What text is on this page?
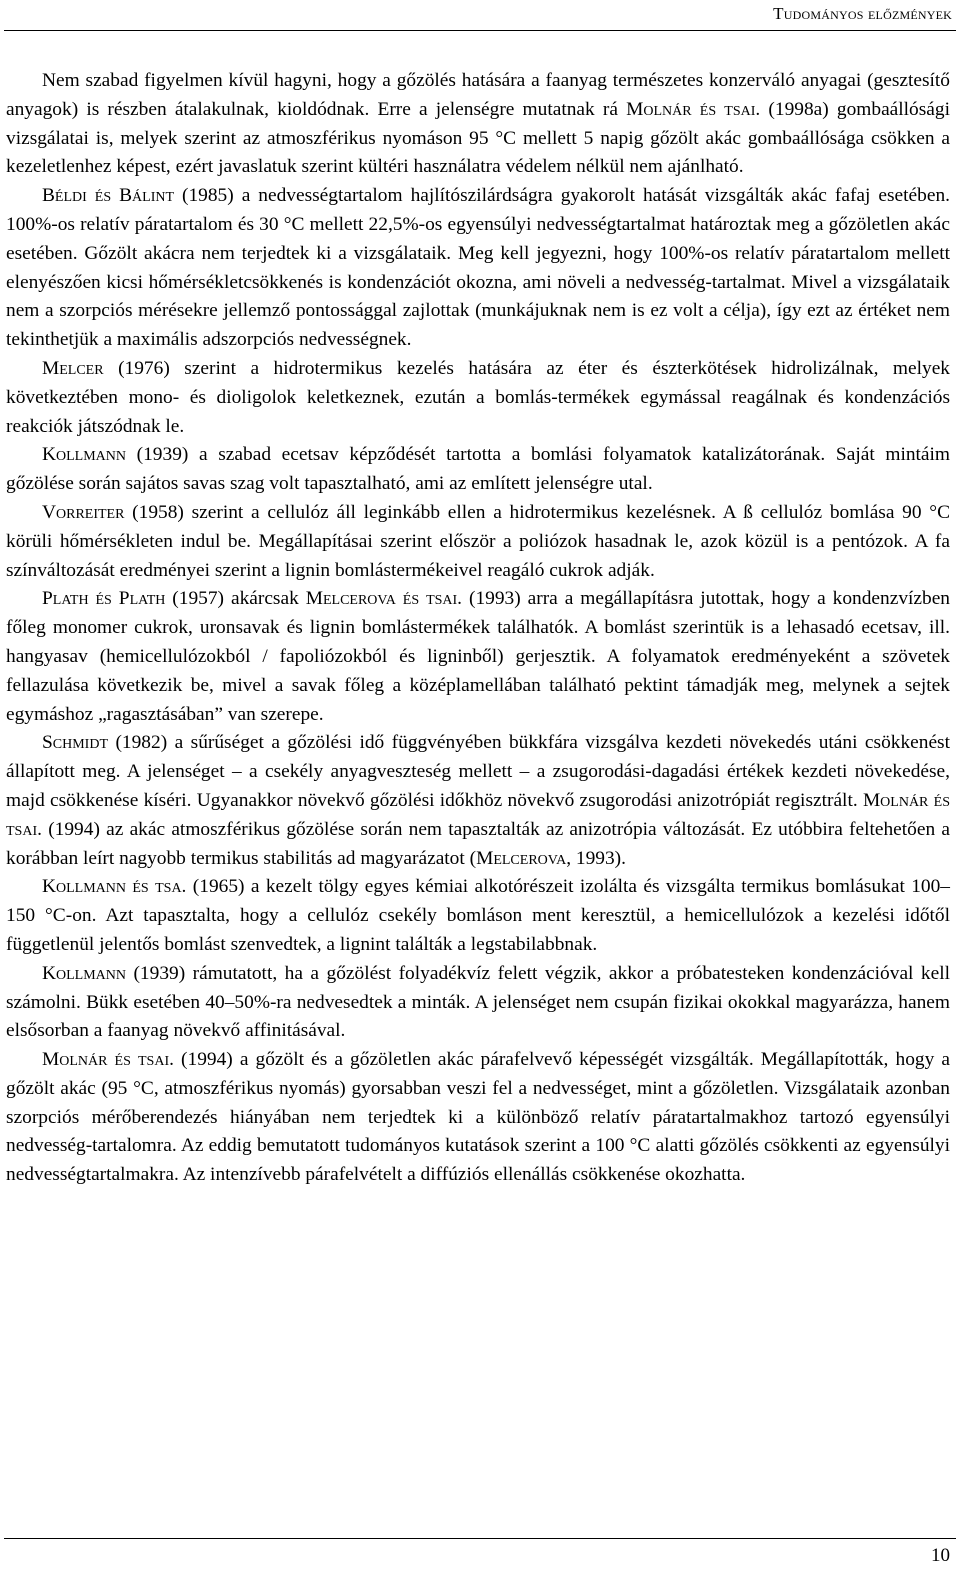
Tudományos előzmények

Nem szabad figyelmen kívül hagyni, hogy a gőzölés hatására a faanyag természetes konzerváló anyagai (gesztesítő anyagok) is részben átalakulnak, kioldódnak. Erre a jelenségre mutatnak rá Molnár és tsai. (1998a) gombaállósági vizsgálatai is, melyek szerint az atmoszférikus nyomáson 95 °C mellett 5 napig gőzölt akác gombaállósága csökken a kezeletlenhez képest, ezért javaslatuk szerint kültéri használatra védelem nélkül nem ajánlható.

Béldi és Bálint (1985) a nedvességtartalom hajlítószilárdságra gyakorolt hatását vizsgálták akác fafaj esetében. 100%-os relatív páratartalom és 30 °C mellett 22,5%-os egyensúlyi nedvességtartalmat határoztak meg a gőzöletlen akác esetében. Gőzölt akácra nem terjedtek ki a vizsgálataik. Meg kell jegyezni, hogy 100%-os relatív páratartalom mellett elenyészően kicsi hőmérsékletcsökkenés is kondenzációt okozna, ami növeli a nedvesség-tartalmat. Mivel a vizsgálataik nem a szorpciós mérésekre jellemző pontossággal zajlottak (munkájuknak nem is ez volt a célja), így ezt az értéket nem tekinthetjük a maximális adszorpciós nedvességnek.

Melcer (1976) szerint a hidrotermikus kezelés hatására az éter és észterkötések hidrolizálnak, melyek következtében mono- és dioligolok keletkeznek, ezután a bomlás-termékek egymással reagálnak és kondenzációs reakciók játszódnak le.

Kollmann (1939) a szabad ecetsav képződését tartotta a bomlási folyamatok katalizátorának. Saját mintáim gőzölése során sajátos savas szag volt tapasztalható, ami az említett jelenségre utal.

Vorreiter (1958) szerint a cellulóz áll leginkább ellen a hidrotermikus kezelésnek. A ß cellulóz bomlása 90 °C körüli hőmérsékleten indul be. Megállapításai szerint először a poliózok hasadnak le, azok közül is a pentózok. A fa színváltozását eredményei szerint a lignin bomlástermékeivel reagáló cukrok adják.

Plath és Plath (1957) akárcsak Melcerova és tsai. (1993) arra a megállapításra jutottak, hogy a kondenzvízben főleg monomer cukrok, uronsavak és lignin bomlástermékek találhatók. A bomlást szerintük is a lehasadó ecetsav, ill. hangyasav (hemicellulózokból / fapoliózokból és ligninből) gerjesztik. A folyamatok eredményeként a szövetek fellazulása következik be, mivel a savak főleg a középlamellában található pektint támadják meg, melynek a sejtek egymáshoz „ragasztásában” van szerepe.

Schmidt (1982) a sűrűséget a gőzölési idő függvényében bükkfára vizsgálva kezdeti növekedés utáni csökkenést állapított meg. A jelenséget – a csekély anyagveszteség mellett – a zsugorodási-dagadási értékek kezdeti növekedése, majd csökkenése kíséri. Ugyanakkor növekvő gőzölési időkhöz növekvő zsugorodási anizotrópiát regisztrált. Molnár és tsai. (1994) az akác atmoszférikus gőzölése során nem tapasztalták az anizotrópia változását. Ez utóbbira feltehetően a korábban leírt nagyobb termikus stabilitás ad magyarázatot (Melcerova, 1993).

Kollmann és tsa. (1965) a kezelt tölgy egyes kémiai alkotórészeit izolálta és vizsgálta termikus bomlásukat 100–150 °C-on. Azt tapasztalta, hogy a cellulóz csekély bomláson ment keresztül, a hemicellulózok a kezelési időtől függetlenül jelentős bomlást szenvedtek, a lignint találták a legstabilabbnak.

Kollmann (1939) rámutatott, ha a gőzölést folyadékvíz felett végzik, akkor a próbatesteken kondenzációval kell számolni. Bükk esetében 40–50%-ra nedvesedtek a minták. A jelenséget nem csupán fizikai okokkal magyarázza, hanem elsősorban a faanyag növekvő affinitásával.

Molnár és tsai. (1994) a gőzölt és a gőzöletlen akác párafelvevő képességét vizsgálták. Megállapították, hogy a gőzölt akác (95 °C, atmoszférikus nyomás) gyorsabban veszi fel a nedvességet, mint a gőzöletlen. Vizsgálataik azonban szorpciós mérőberendezés hiányában nem terjedtek ki a különböző relatív páratartalmakhoz tartozó egyensúlyi nedvesség-tartalomra. Az eddig bemutatott tudományos kutatások szerint a 100 °C alatti gőzölés csökkenti az egyensúlyi nedvességtartalmakra. Az intenzívebb párafelvételt a diffúziós ellenállás csökkenése okozhatta.

10
